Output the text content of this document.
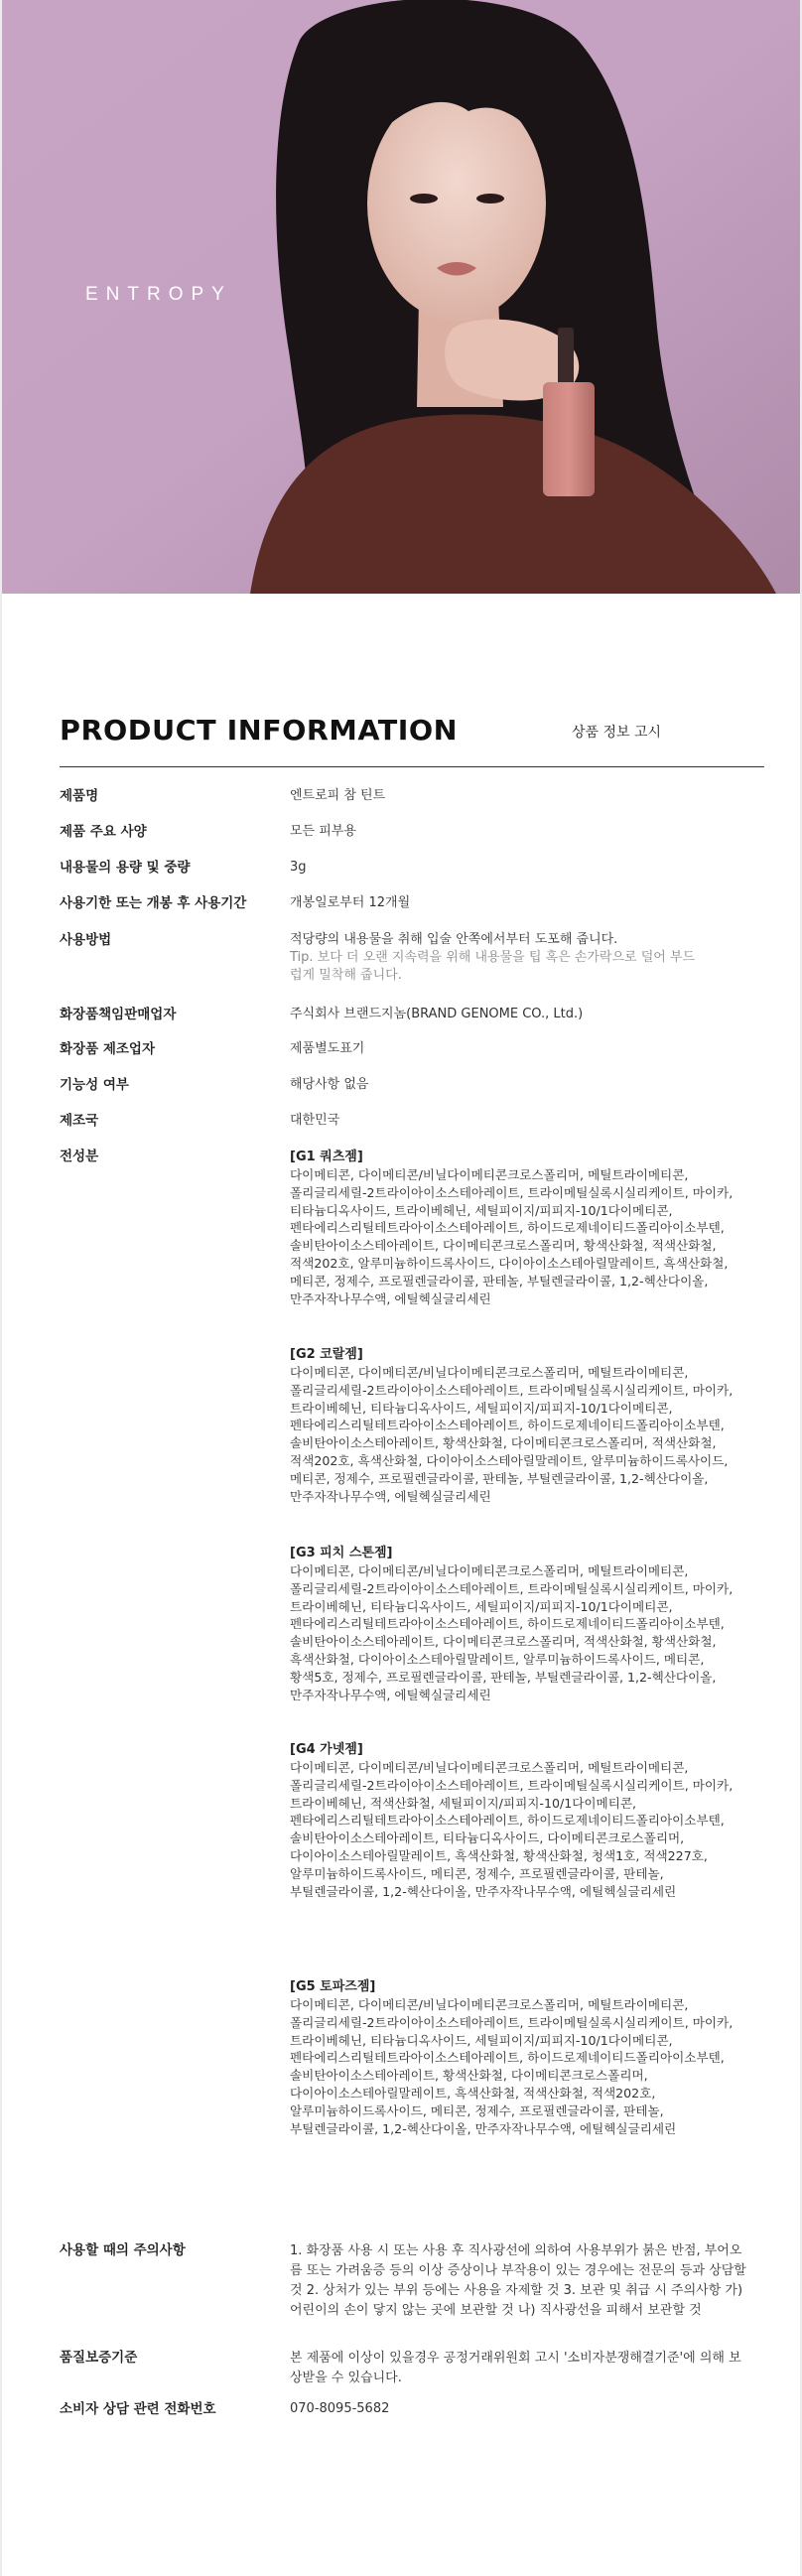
ENTROPY
PRODUCT INFORMATION	상품 정보 고시
제품명	엔트로피 참 틴트
제품 주요 사양	모든 피부용
내용물의 용량 및 중량	3g
사용기한 또는 개봉 후 사용기간	개봉일로부터 12개월
사용방법	적당량의 내용물을 취해 입술 안쪽에서부터 도포해 줍니다.
Tip. 보다 더 오랜 지속력을 위해 내용물을 팁 혹은 손가락으로 덜어 부드럽게 밀착해 줍니다.
화장품책임판매업자	주식회사 브랜드지놈(BRAND GENOME CO., Ltd.)
화장품 제조업자	제품별도표기
기능성 여부	해당사항 없음
제조국	대한민국
전성분	[G1 쿼츠젬]
다이메티콘, 다이메티콘/비닐다이메티콘크로스폴리머, 메틸트라이메티콘, 폴리글리세릴-2트라이아이소스테아레이트, 트라이메틸실록시실리케이트, 마이카, 티타늄디옥사이드, 트라이베헤닌, 세틸피이지/피피지-10/1다이메티콘, 펜타에리스리틸테트라아이소스테아레이트, 하이드로제네이티드폴리아이소부텐, 솔비탄아이소스테아레이트, 다이메티콘크로스폴리머, 황색산화철, 적색산화철, 적색202호, 알루미늄하이드록사이드, 다이아이소스테아릴말레이트, 흑색산화철, 메티콘, 정제수, 프로필렌글라이콜, 판테놀, 부틸렌글라이콜, 1,2-헥산다이올, 만주자작나무수액, 에틸헥실글리세린
[G2 코랄젬]
다이메티콘, 다이메티콘/비닐다이메티콘크로스폴리머, 메틸트라이메티콘, 폴리글리세릴-2트라이아이소스테아레이트, 트라이메틸실록시실리케이트, 마이카, 트라이베헤닌, 티타늄디옥사이드, 세틸피이지/피피지-10/1다이메티콘, 펜타에리스리틸테트라아이소스테아레이트, 하이드로제네이티드폴리아이소부텐, 솔비탄아이소스테아레이트, 황색산화철, 다이메티콘크로스폴리머, 적색산화철, 적색202호, 흑색산화철, 다이아이소스테아릴말레이트, 알루미늄하이드록사이드, 메티콘, 정제수, 프로필렌글라이콜, 판테놀, 부틸렌글라이콜, 1,2-헥산다이올, 만주자작나무수액, 에틸헥실글리세린
[G3 피치 스톤젬]
다이메티콘, 다이메티콘/비닐다이메티콘크로스폴리머, 메틸트라이메티콘, 폴리글리세릴-2트라이아이소스테아레이트, 트라이메틸실록시실리케이트, 마이카, 트라이베헤닌, 티타늄디옥사이드, 세틸피이지/피피지-10/1다이메티콘, 펜타에리스리틸테트라아이소스테아레이트, 하이드로제네이티드폴리아이소부텐, 솔비탄아이소스테아레이트, 다이메티콘크로스폴리머, 적색산화철, 황색산화철, 흑색산화철, 다이아이소스테아릴말레이트, 알루미늄하이드록사이드, 메티콘, 황색5호, 정제수, 프로필렌글라이콜, 판테놀, 부틸렌글라이콜, 1,2-헥산다이올, 만주자작나무수액, 에틸헥실글리세린
[G4 가넷젬]
다이메티콘, 다이메티콘/비닐다이메티콘크로스폴리머, 메틸트라이메티콘, 폴리글리세릴-2트라이아이소스테아레이트, 트라이메틸실록시실리케이트, 마이카, 트라이베헤닌, 적색산화철, 세틸피이지/피피지-10/1다이메티콘, 펜타에리스리틸테트라아이소스테아레이트, 하이드로제네이티드폴리아이소부텐, 솔비탄아이소스테아레이트, 티타늄디옥사이드, 다이메티콘크로스폴리머, 다이아이소스테아릴말레이트, 흑색산화철, 황색산화철, 청색1호, 적색227호, 알루미늄하이드록사이드, 메티콘, 정제수, 프로필렌글라이콜, 판테놀, 부틸렌글라이콜, 1,2-헥산다이올, 만주자작나무수액, 에틸헥실글리세린
[G5 토파즈젬]
다이메티콘, 다이메티콘/비닐다이메티콘크로스폴리머, 메틸트라이메티콘, 폴리글리세릴-2트라이아이소스테아레이트, 트라이메틸실록시실리케이트, 마이카, 트라이베헤닌, 티타늄디옥사이드, 세틸피이지/피피지-10/1다이메티콘, 펜타에리스리틸테트라아이소스테아레이트, 하이드로제네이티드폴리아이소부텐, 솔비탄아이소스테아레이트, 황색산화철, 다이메티콘크로스폴리머, 다이아이소스테아릴말레이트, 흑색산화철, 적색산화철, 적색202호, 알루미늄하이드록사이드, 메티콘, 정제수, 프로필렌글라이콜, 판테놀, 부틸렌글라이콜, 1,2-헥산다이올, 만주자작나무수액, 에틸헥실글리세린
사용할 때의 주의사항	1. 화장품 사용 시 또는 사용 후 직사광선에 의하여 사용부위가 붉은 반점, 부어오름 또는 가려움증 등의 이상 증상이나 부작용이 있는 경우에는 전문의 등과 상담할 것 2. 상처가 있는 부위 등에는 사용을 자제할 것 3. 보관 및 취급 시 주의사항 가) 어린이의 손이 닿지 않는 곳에 보관할 것 나) 직사광선을 피해서 보관할 것
품질보증기준	본 제품에 이상이 있을경우 공정거래위원회 고시 '소비자분쟁해결기준'에 의해 보상받을 수 있습니다.
소비자 상담 관련 전화번호	070-8095-5682
